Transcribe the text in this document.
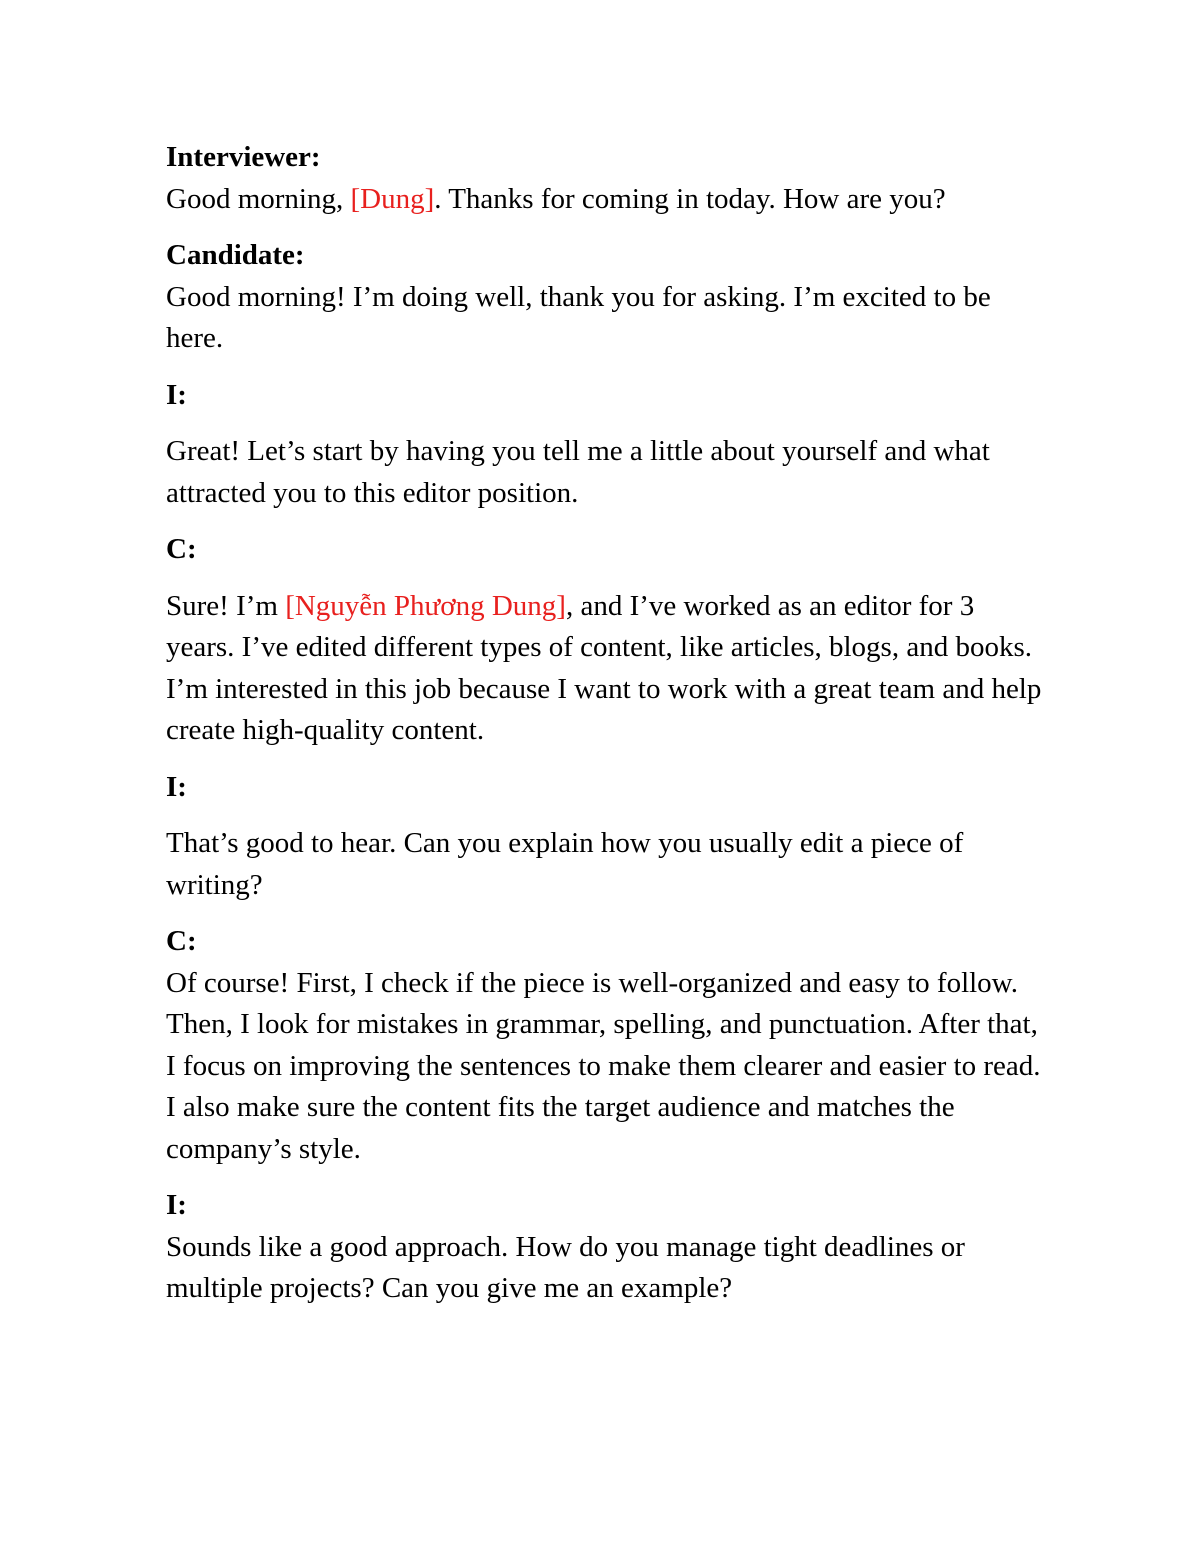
Interviewer:

Good morning, [Dung]. Thanks for coming in today. How are you?

Candidate:

Good morning! I’m doing well, thank you for asking. I’m excited to be here.

I:

Great! Let’s start by having you tell me a little about yourself and what attracted you to this editor position.

C:

Sure! I’m [Nguyễn Phương Dung], and I’ve worked as an editor for 3 years. I’ve edited different types of content, like articles, blogs, and books. I’m interested in this job because I want to work with a great team and help create high-quality content.

I:

That’s good to hear. Can you explain how you usually edit a piece of writing?

C:

Of course! First, I check if the piece is well-organized and easy to follow. Then, I look for mistakes in grammar, spelling, and punctuation. After that, I focus on improving the sentences to make them clearer and easier to read. I also make sure the content fits the target audience and matches the company’s style.

I:

Sounds like a good approach. How do you manage tight deadlines or multiple projects? Can you give me an example?
